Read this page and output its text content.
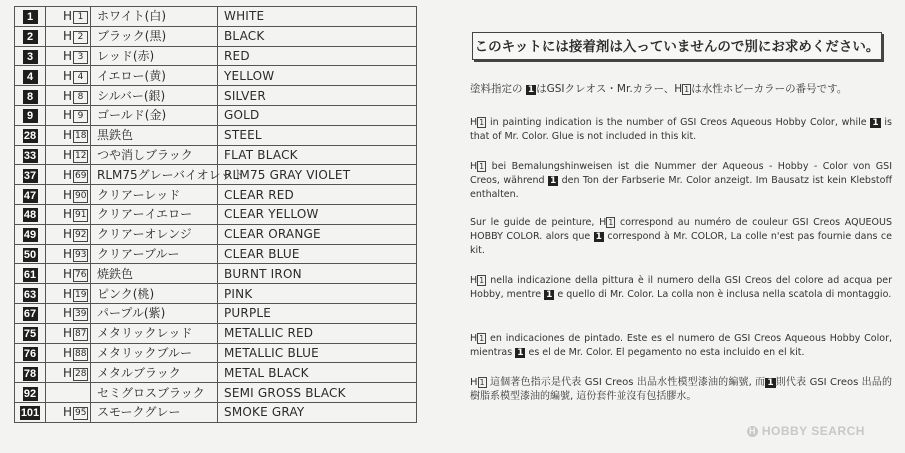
1	H 1	ホワイト(白)	WHITE
2	H 2	ブラック(黒)	BLACK
3	H 3	レッド(赤)	RED
4	H 4	イエロー(黄)	YELLOW
8	H 8	シルバー(銀)	SILVER
9	H 9	ゴールド(金)	GOLD
28	H 18	黒鉄色	STEEL
33	H 12	つや消しブラック	FLAT BLACK
37	H 69	RLM75グレーバイオレット	RLM75 GRAY VIOLET
47	H 90	クリアーレッド	CLEAR RED
48	H 91	クリアーイエロー	CLEAR YELLOW
49	H 92	クリアーオレンジ	CLEAR ORANGE
50	H 93	クリアーブルー	CLEAR BLUE
61	H 76	焼鉄色	BURNT IRON
63	H 19	ピンク(桃)	PINK
67	H 39	パープル(紫)	PURPLE
75	H 87	メタリックレッド	METALLIC RED
76	H 88	メタリックブルー	METALLIC BLUE
78	H 28	メタルブラック	METAL BLACK
92		セミグロスブラック	SEMI GROSS BLACK
101	H 95	スモークグレー	SMOKE GRAY
このキットには接着剤は入っていませんので別にお求めください。
塗料指定の 1 はGSIクレオス・Mr.カラー、H 1 は水性ホビーカラーの番号です。
H 1 in painting indication is the number of GSI Creos Aqueous Hobby Color, while 1 is that of Mr. Color. Glue is not included in this kit.
H 1 bei Bemalungshinweisen ist die Nummer der Aqueous - Hobby - Color von GSI Creos, während 1 den Ton der Farbserie Mr. Color anzeigt. Im Bausatz ist kein Klebstoff enthalten.
Sur le guide de peinture, H 1 correspond au numéro de couleur GSI Creos AQUEOUS HOBBY COLOR. alors que 1 correspond à Mr. COLOR, La colle n'est pas fournie dans ce kit.
H 1 nella indicazione della pittura è il numero della GSI Creos del colore ad acqua per Hobby, mentre 1 e quello di Mr. Color. La colla non è inclusa nella scatola di montaggio.
H 1 en indicaciones de pintado. Este es el numero de GSI Creos Aqueous Hobby Color, mientras 1 es el de Mr. Color. El pegamento no esta incluido en el kit.
H 1 這個著色指示是代表 GSI Creos 出品水性模型漆油的編號, 而 1 則代表 GSI Creos 出品的樹脂系模型漆油的編號, 這份套件並沒有包括膠水。
H HOBBY SEARCH
